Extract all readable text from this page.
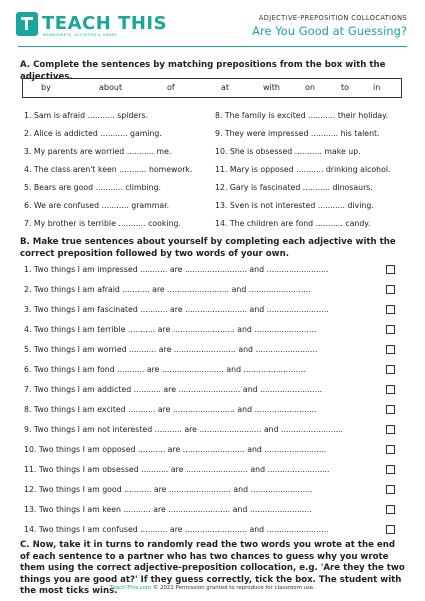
TEACH THIS
WORKSHEETS, ACTIVITIES & GAMES
ADJECTIVE-PREPOSITION COLLOCATIONS
Are You Good at Guessing?
A. Complete the sentences by matching prepositions from the box with the adjectives.
by	about	of	at	with	on	to	in
1. Sam is afraid ........... spiders.
2. Alice is addicted ........... gaming.
3. My parents are worried ........... me.
4. The class aren't keen ........... homework.
5. Bears are good ........... climbing.
6. We are confused ........... grammar.
7. My brother is terrible ........... cooking.
8. The family is excited ........... their holiday.
9. They were impressed ........... his talent.
10. She is obsessed ........... make up.
11. Mary is opposed ........... drinking alcohol.
12. Gary is fascinated ........... dinosaurs.
13. Sven is not interested ........... diving.
14. The children are fond ........... candy.
B. Make true sentences about yourself by completing each adjective with the correct preposition followed by two words of your own.
1. Two things I am impressed ........... are ......................... and .........................
2. Two things I am afraid ........... are ......................... and .........................
3. Two things I am fascinated ........... are ......................... and .........................
4. Two things I am terrible ........... are ......................... and .........................
5. Two things I am worried ........... are ......................... and .........................
6. Two things I am fond ........... are ......................... and .........................
7. Two things I am addicted ........... are ......................... and .........................
8. Two things I am excited ........... are ......................... and .........................
9. Two things I am not interested ........... are ......................... and .........................
10. Two things I am opposed ........... are ......................... and .........................
11. Two things I am obsessed ........... are ......................... and .........................
12. Two things I am good ........... are ......................... and .........................
13. Two things I am keen ........... are ......................... and .........................
14. Two things I am confused ........... are ......................... and .........................
C. Now, take it in turns to randomly read the two words you wrote at the end of each sentence to a partner who has two chances to guess why you wrote them using the correct adjective-preposition collocation, e.g. 'Are they the two things you are good at?' If they guess correctly, tick the box. The student with the most ticks wins.
Teach-This.com © 2021 Permission granted to reproduce for classroom use.
